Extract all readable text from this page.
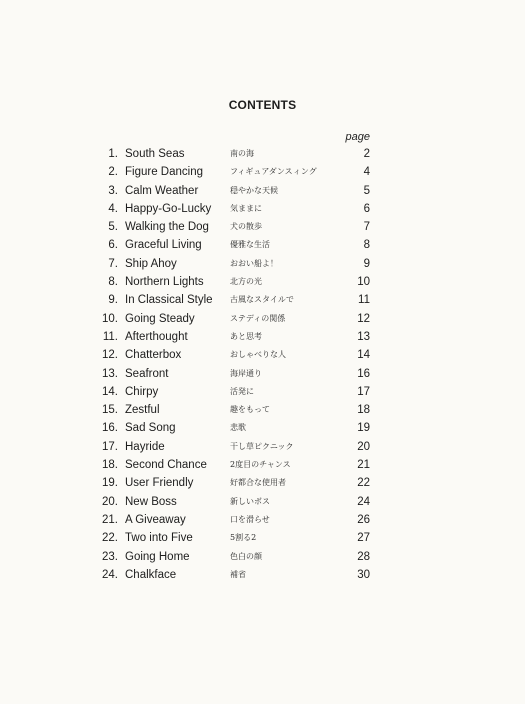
CONTENTS
page
1. South Seas	南の海	2
2. Figure Dancing	フィギュアダンスィング	4
3. Calm Weather	穏やかな天候	5
4. Happy-Go-Lucky 気ままに	6
5. Walking the Dog	犬の散歩	7
6. Graceful Living	優雅な生活	8
7. Ship Ahoy	おおい船よ！	9
8. Northern Lights	北方の光	10
9. In Classical Style 古風なスタイルで	11
10. Going Steady	ステディの関係	12
11. Afterthought	あと思考	13
12. Chatterbox	おしゃべりな人	14
13. Seafront	海岸通り	16
14. Chirpy	活発に	17
15. Zestful	趣をもって	18
16. Sad Song	悲歌	19
17. Hayride	干し草ピクニック	20
18. Second Chance	2度目のチャンス	21
19. User Friendly	好都合な使用者	22
20. New Boss	新しいボス	24
21. A Giveaway	口を滑らせ	26
22. Two into Five	5割る2	27
23. Going Home	色白の顔	28
24. Chalkface	補省	30
